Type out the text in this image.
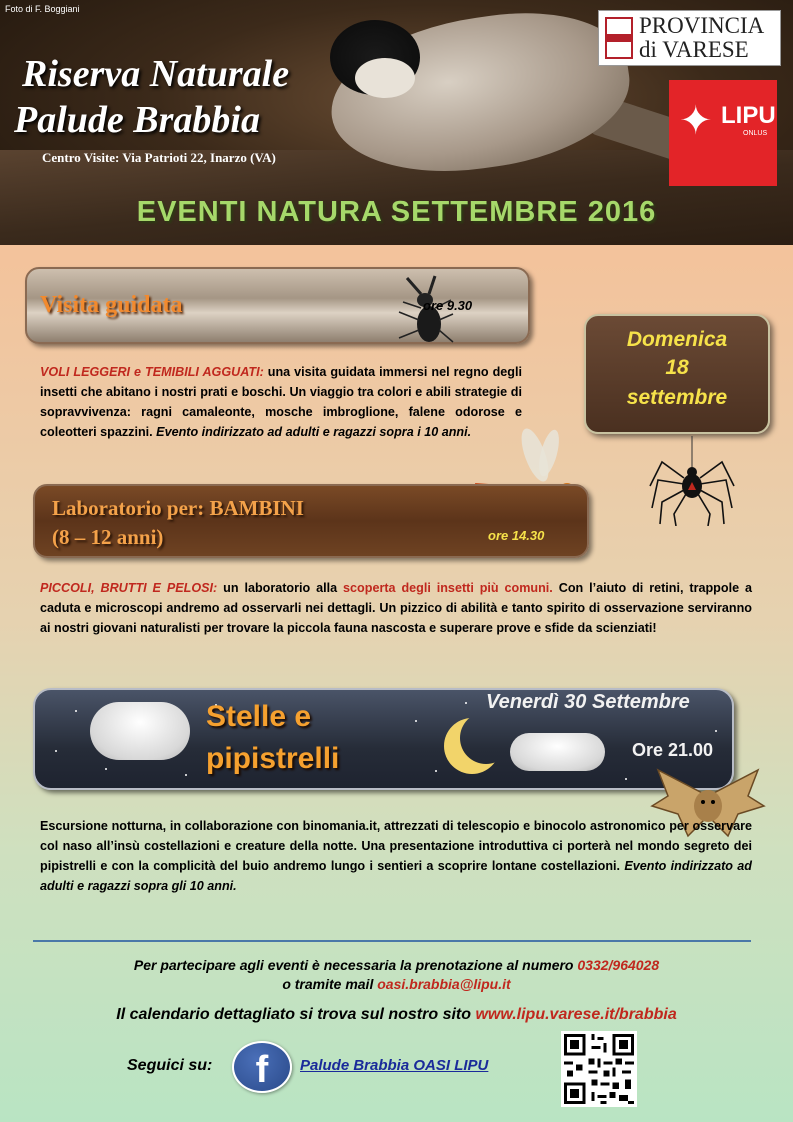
Foto di F. Boggiani
Riserva Naturale
Palude Brabbia
Centro Visite: Via Patrioti 22, Inarzo (VA)
EVENTI NATURA SETTEMBRE 2016
PROVINCIA
di VARESE
✦ LIPU
ONLUS
Visita guidata	ore 9.30
Domenica
18
settembre
VOLI LEGGERI e TEMIBILI AGGUATI: una visita guidata immersi nel regno degli insetti che abitano i nostri prati e boschi. Un viaggio tra colori e abili strategie di sopravvivenza: ragni camaleonte, mosche imbroglione, falene odorose e coleotteri spazzini. Evento indirizzato ad adulti e ragazzi sopra i 10 anni.
Laboratorio per: BAMBINI
(8 – 12 anni)	ore 14.30
PICCOLI, BRUTTI E PELOSI: un laboratorio alla scoperta degli insetti più comuni. Con l’aiuto di retini, trappole a caduta e microscopi andremo ad osservarli nei dettagli. Un pizzico di abilità e tanto spirito di osservazione serviranno ai nostri giovani naturalisti per trovare la piccola fauna nascosta e superare prove e sfide da scienziati!
Stelle e
pipistrelli
Venerdì 30 Settembre
Ore 21.00
Escursione notturna, in collaborazione con binomania.it, attrezzati di telescopio e binocolo astronomico per osservare col naso all’insù costellazioni e creature della notte. Una presentazione introduttiva ci porterà nel mondo segreto dei pipistrelli e con la complicità del buio andremo lungo i sentieri a scoprire lontane costellazioni. Evento indirizzato ad adulti e ragazzi sopra gli 10 anni.
Per partecipare agli eventi è necessaria la prenotazione al numero 0332/964028
o tramite mail oasi.brabbia@lipu.it
Il calendario dettagliato si trova sul nostro sito www.lipu.varese.it/brabbia
Seguici su:	f	Palude Brabbia OASI LIPU
